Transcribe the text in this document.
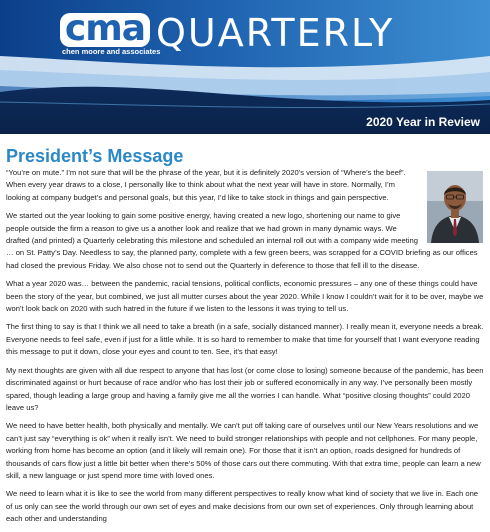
cma
chen moore and associates
QUARTERLY
2020 Year in Review
President’s Message

“You’re on mute.” I’m not sure that will be the phrase of the year, but it is definitely 2020’s version of “Where’s the beef”. When every year draws to a close, I personally like to think about what the next year will have in store. Normally, I’m looking at company budget’s and personal goals, but this year, I’d like to take stock in things and gain perspective.

We started out the year looking to gain some positive energy, having created a new logo, shortening our name to give people outside the firm a reason to give us a another look and realize that we had grown in many dynamic ways. We drafted (and printed) a Quarterly celebrating this milestone and scheduled an internal roll out with a company wide meeting … on St. Patty’s Day. Needless to say, the planned party, complete with a few green beers, was scrapped for a COVID briefing as our offices had closed the previous Friday. We also chose not to send out the Quarterly in deference to those that fell ill to the disease.

What a year 2020 was… between the pandemic, racial tensions, political conflicts, economic pressures – any one of these things could have been the story of the year, but combined, we just all mutter curses about the year 2020. While I know I couldn’t wait for it to be over, maybe we won’t look back on 2020 with such hatred in the future if we listen to the lessons it was trying to tell us.

The first thing to say is that I think we all need to take a breath (in a safe, socially distanced manner). I really mean it, everyone needs a break. Everyone needs to feel safe, even if just for a little while. It is so hard to remember to make that time for yourself that I want everyone reading this message to put it down, close your eyes and count to ten. See, it’s that easy!

My next thoughts are given with all due respect to anyone that has lost (or come close to losing) someone because of the pandemic, has been discriminated against or hurt because of race and/or who has lost their job or suffered economically in any way. I’ve personally been mostly spared, though leading a large group and having a family give me all the worries I can handle. What “positive closing thoughts” could 2020 leave us?

We need to have better health, both physically and mentally. We can’t put off taking care of ourselves until our New Years resolutions and we can’t just say “everything is ok” when it really isn’t. We need to build stronger relationships with people and not cellphones. For many people, working from home has become an option (and it likely will remain one). For those that it isn’t an option, roads designed for hundreds of thousands of cars flow just a little bit better when there’s 50% of those cars out there commuting. With that extra time, people can learn a new skill, a new language or just spend more time with loved ones.

We need to learn what it is like to see the world from many different perspectives to really know what kind of society that we live in. Each one of us only can see the world through our own set of eyes and make decisions from our own set of experiences. Only through learning about each other and understanding
